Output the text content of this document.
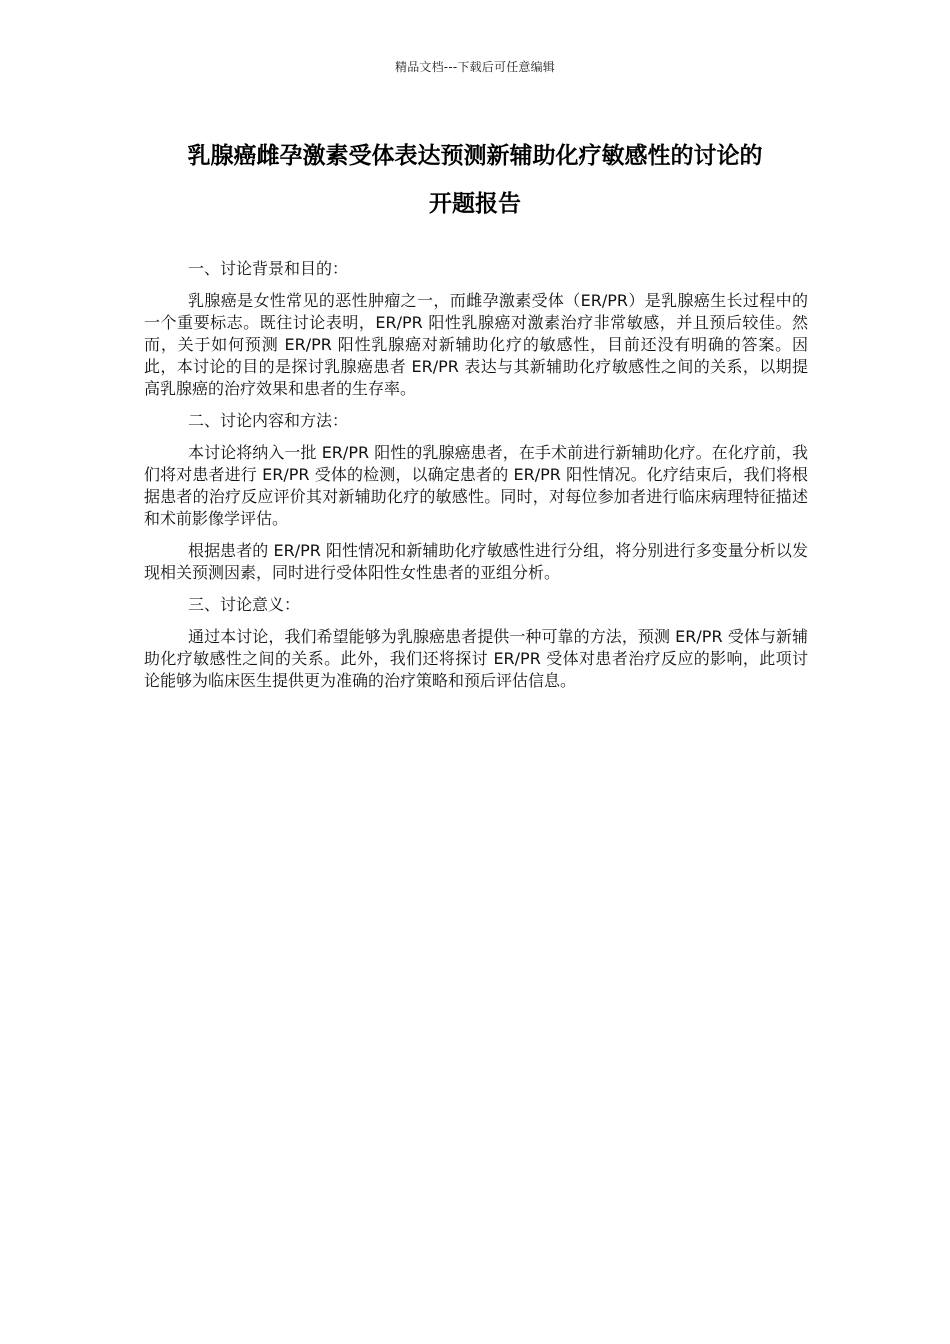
精品文档---下载后可任意编辑
乳腺癌雌孕激素受体表达预测新辅助化疗敏感性的讨论的
开题报告

一、讨论背景和目的：

乳腺癌是女性常见的恶性肿瘤之一，而雌孕激素受体（ER/PR）是乳腺癌生长过程中的一个重要标志。既往讨论表明，ER/PR 阳性乳腺癌对激素治疗非常敏感，并且预后较佳。然而，关于如何预测 ER/PR 阳性乳腺癌对新辅助化疗的敏感性，目前还没有明确的答案。因此，本讨论的目的是探讨乳腺癌患者 ER/PR 表达与其新辅助化疗敏感性之间的关系，以期提高乳腺癌的治疗效果和患者的生存率。

二、讨论内容和方法：

本讨论将纳入一批 ER/PR 阳性的乳腺癌患者，在手术前进行新辅助化疗。在化疗前，我们将对患者进行 ER/PR 受体的检测，以确定患者的 ER/PR 阳性情况。化疗结束后，我们将根据患者的治疗反应评价其对新辅助化疗的敏感性。同时，对每位参加者进行临床病理特征描述和术前影像学评估。

根据患者的 ER/PR 阳性情况和新辅助化疗敏感性进行分组，将分别进行多变量分析以发现相关预测因素，同时进行受体阳性女性患者的亚组分析。

三、讨论意义：

通过本讨论，我们希望能够为乳腺癌患者提供一种可靠的方法，预测 ER/PR 受体与新辅助化疗敏感性之间的关系。此外，我们还将探讨 ER/PR 受体对患者治疗反应的影响，此项讨论能够为临床医生提供更为准确的治疗策略和预后评估信息。
